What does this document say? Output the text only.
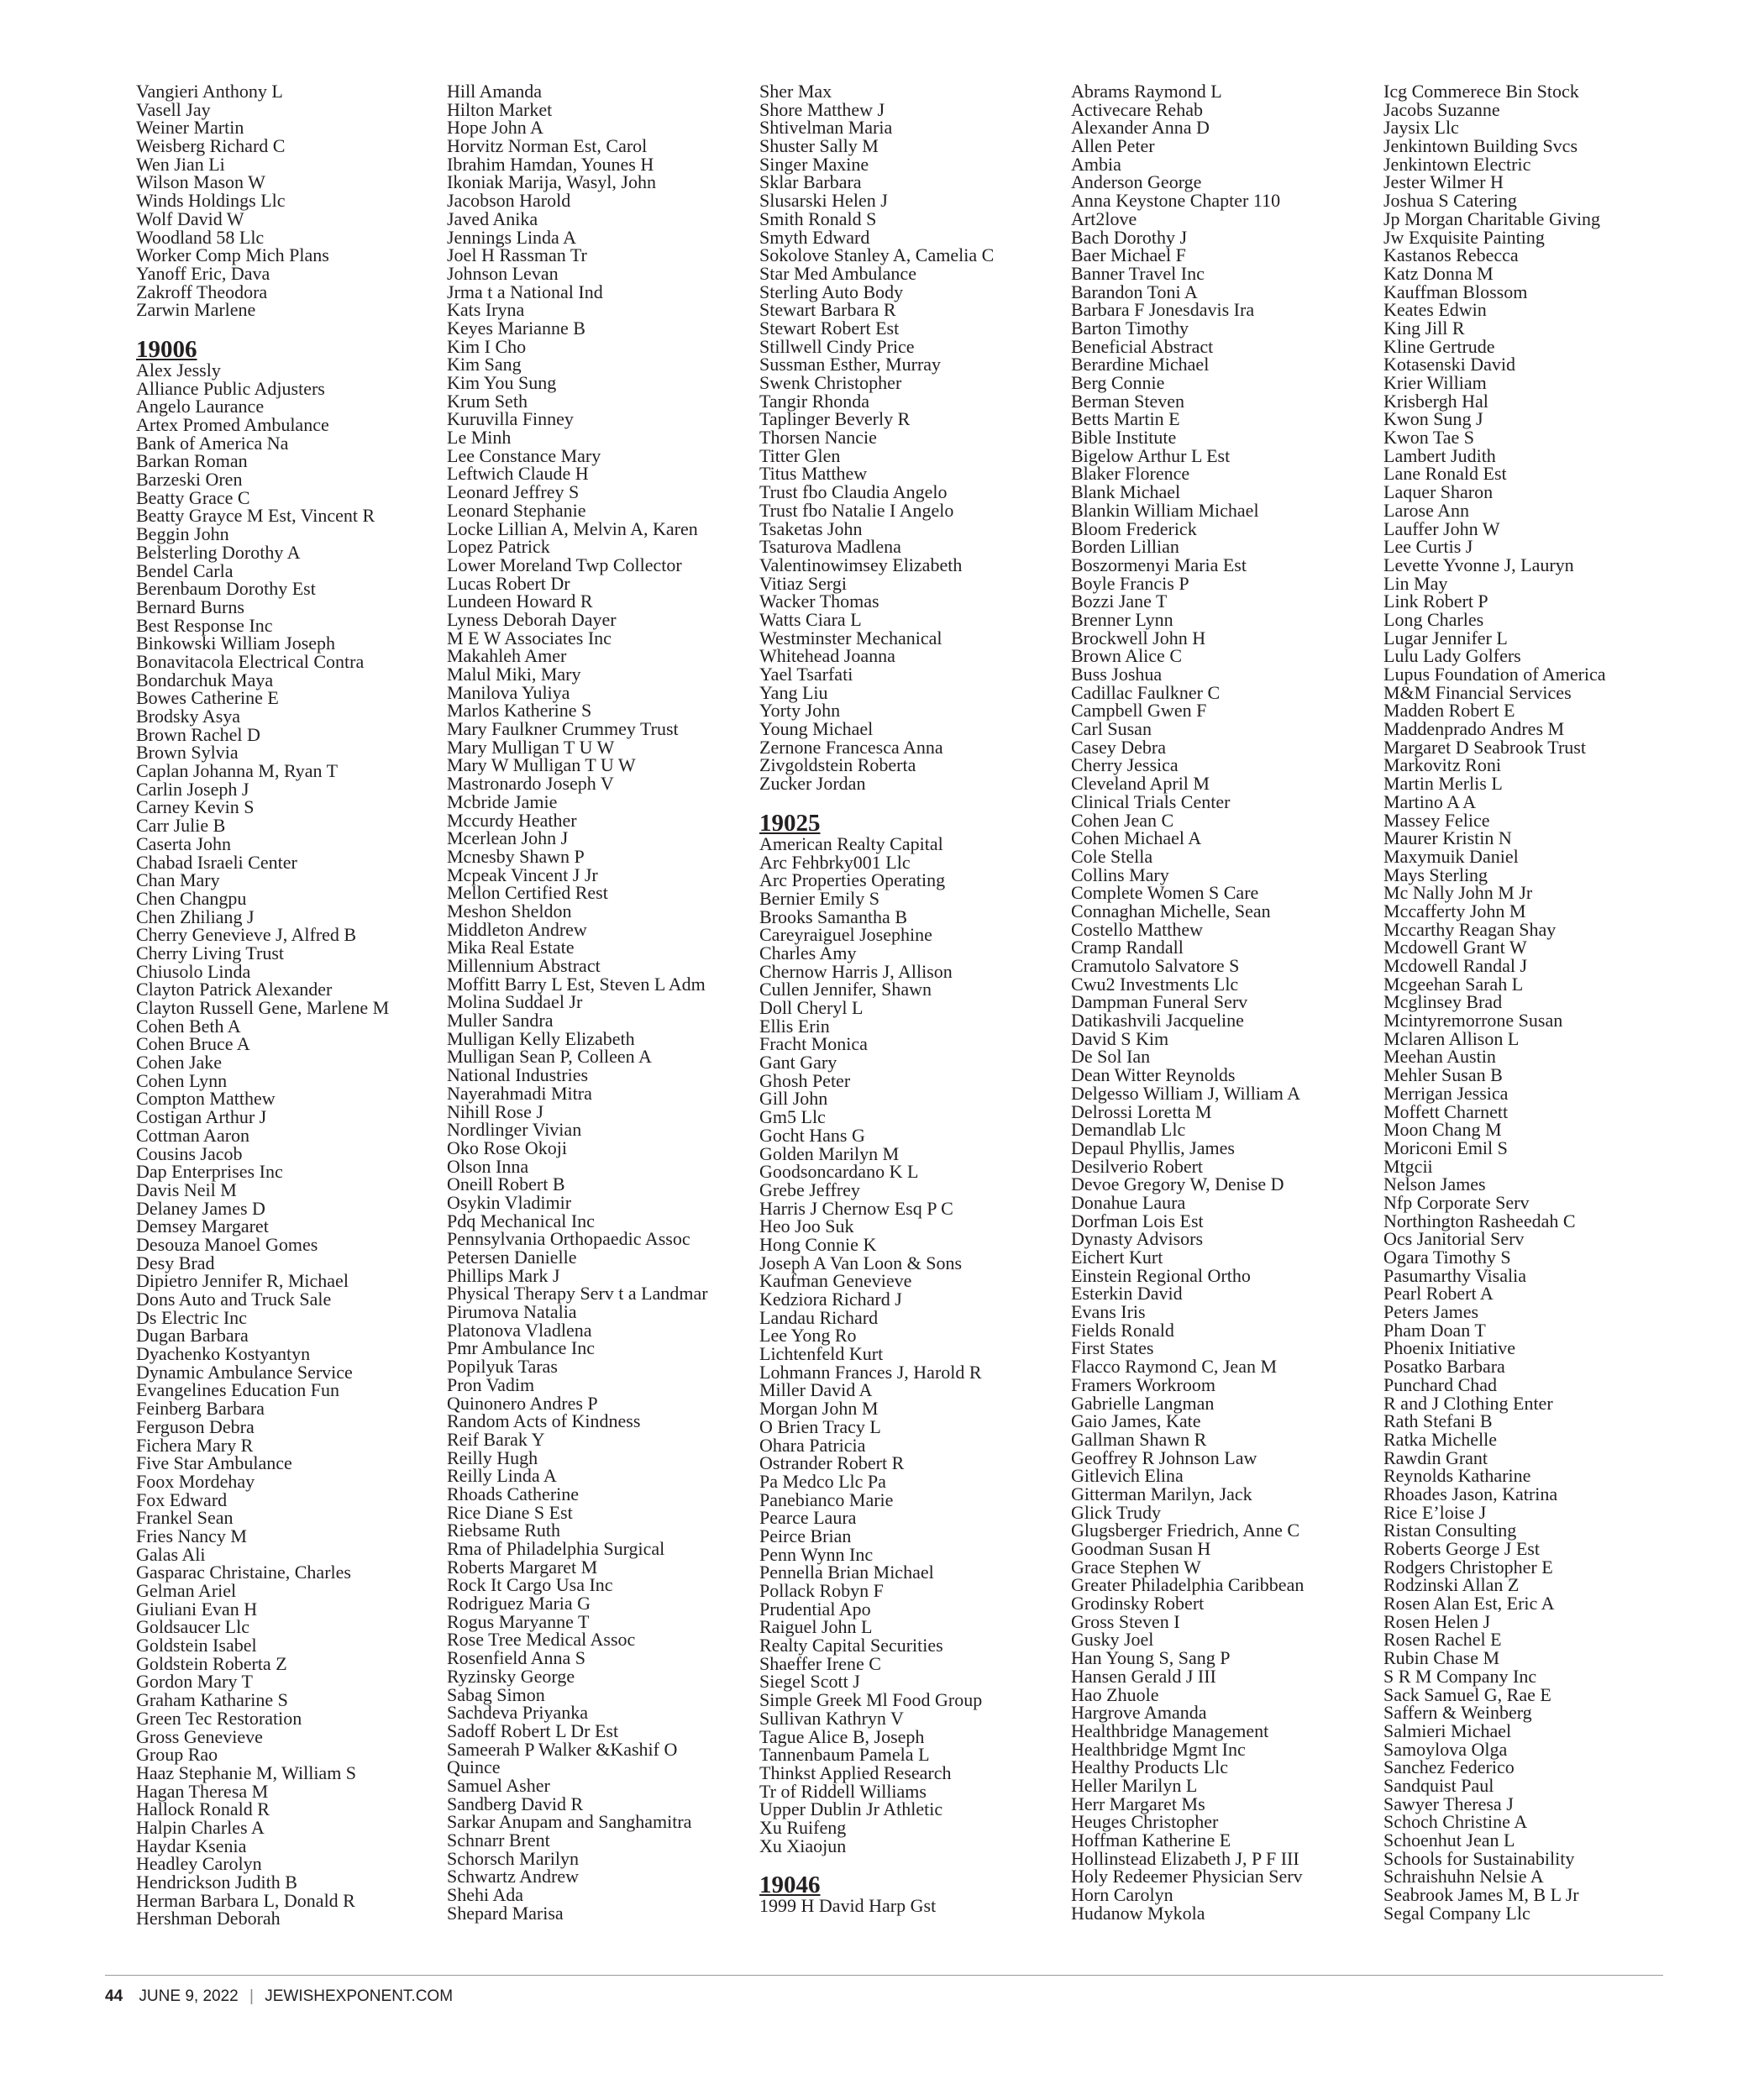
Vangieri Anthony L
Vasell Jay
Weiner Martin
Weisberg Richard C
Wen Jian Li
Wilson Mason W
Winds Holdings Llc
Wolf David W
Woodland 58 Llc
Worker Comp Mich Plans
Yanoff Eric, Dava
Zakroff Theodora
Zarwin Marlene
19006
Alex Jessly
Alliance Public Adjusters
Angelo Laurance
Artex Promed Ambulance
Bank of America Na
Barkan Roman
Barzeski Oren
Beatty Grace C
Beatty Grayce M Est, Vincent R
Beggin John
Belsterling Dorothy A
Bendel Carla
Berenbaum Dorothy Est
Bernard Burns
Best Response Inc
Binkowski William Joseph
Bonavitacola Electrical Contra
Bondarchuk Maya
Bowes Catherine E
Brodsky Asya
Brown Rachel D
Brown Sylvia
Caplan Johanna M, Ryan T
Carlin Joseph J
Carney Kevin S
Carr Julie B
Caserta John
Chabad Israeli Center
Chan Mary
Chen Changpu
Chen Zhiliang J
Cherry Genevieve J, Alfred B
Cherry Living Trust
Chiusolo Linda
Clayton Patrick Alexander
Clayton Russell Gene, Marlene M
Cohen Beth A
Cohen Bruce A
Cohen Jake
Cohen Lynn
Compton Matthew
Costigan Arthur J
Cottman Aaron
Cousins Jacob
Dap Enterprises Inc
Davis Neil M
Delaney James D
Demsey Margaret
Desouza Manoel Gomes
Desy Brad
Dipietro Jennifer R, Michael
Dons Auto and Truck Sale
Ds Electric Inc
Dugan Barbara
Dyachenko Kostyantyn
Dynamic Ambulance Service
Evangelines Education Fun
Feinberg Barbara
Ferguson Debra
Fichera Mary R
Five Star Ambulance
Foox Mordehay
Fox Edward
Frankel Sean
Fries Nancy M
Galas Ali
Gasparac Christaine, Charles
Gelman Ariel
Giuliani Evan H
Goldsaucer Llc
Goldstein Isabel
Goldstein Roberta Z
Gordon Mary T
Graham Katharine S
Green Tec Restoration
Gross Genevieve
Group Rao
Haaz Stephanie M, William S
Hagan Theresa M
Hallock Ronald R
Halpin Charles A
Haydar Ksenia
Headley Carolyn
Hendrickson Judith B
Herman Barbara L, Donald R
Hershman Deborah
Hill Amanda
Hilton Market
Hope John A
Horvitz Norman Est, Carol
Ibrahim Hamdan, Younes H
Ikoniak Marija, Wasyl, John
Jacobson Harold
Javed Anika
Jennings Linda A
Joel H Rassman Tr
Johnson Levan
Jrma t a National Ind
Kats Iryna
Keyes Marianne B
Kim I Cho
Kim Sang
Kim You Sung
Krum Seth
Kuruvilla Finney
Le Minh
Lee Constance Mary
Leftwich Claude H
Leonard Jeffrey S
Leonard Stephanie
Locke Lillian A, Melvin A, Karen
Lopez Patrick
Lower Moreland Twp Collector
Lucas Robert Dr
Lundeen Howard R
Lyness Deborah Dayer
M E W Associates Inc
Makahleh Amer
Malul Miki, Mary
Manilova Yuliya
Marlos Katherine S
Mary Faulkner Crummey Trust
Mary Mulligan T U W
Mary W Mulligan T U W
Mastronardo Joseph V
Mcbride Jamie
Mccurdy Heather
Mcerlean John J
Mcnesby Shawn P
Mcpeak Vincent J Jr
Mellon Certified Rest
Meshon Sheldon
Middleton Andrew
Mika Real Estate
Millennium Abstract
Moffitt Barry L Est, Steven L Adm
Molina Suddael Jr
Muller Sandra
Mulligan Kelly Elizabeth
Mulligan Sean P, Colleen A
National Industries
Nayerahmadi Mitra
Nihill Rose J
Nordlinger Vivian
Oko Rose Okoji
Olson Inna
Oneill Robert B
Osykin Vladimir
Pdq Mechanical Inc
Pennsylvania Orthopaedic Assoc
Petersen Danielle
Phillips Mark J
Physical Therapy Serv t a Landmar
Pirumova Natalia
Platonova Vladlena
Pmr Ambulance Inc
Popilyuk Taras
Pron Vadim
Quinonero Andres P
Random Acts of Kindness
Reif Barak Y
Reilly Hugh
Reilly Linda A
Rhoads Catherine
Rice Diane S Est
Riebsame Ruth
Rma of Philadelphia Surgical
Roberts Margaret M
Rock It Cargo Usa Inc
Rodriguez Maria G
Rogus Maryanne T
Rose Tree Medical Assoc
Rosenfield Anna S
Ryzinsky George
Sabag Simon
Sachdeva Priyanka
Sadoff Robert L Dr Est
Sameerah P Walker &Kashif O
Quince
Samuel Asher
Sandberg David R
Sarkar Anupam and Sanghamitra
Schnarr Brent
Schorsch Marilyn
Schwartz Andrew
Shehi Ada
Shepard Marisa
Sher Max
Shore Matthew J
Shtivelman Maria
Shuster Sally M
Singer Maxine
Sklar Barbara
Slusarski Helen J
Smith Ronald S
Smyth Edward
Sokolove Stanley A, Camelia C
Star Med Ambulance
Sterling Auto Body
Stewart Barbara R
Stewart Robert Est
Stillwell Cindy Price
Sussman Esther, Murray
Swenk Christopher
Tangir Rhonda
Taplinger Beverly R
Thorsen Nancie
Titter Glen
Titus Matthew
Trust fbo Claudia Angelo
Trust fbo Natalie I Angelo
Tsaketas John
Tsaturova Madlena
Valentinowimsey Elizabeth
Vitiaz Sergi
Wacker Thomas
Watts Ciara L
Westminster Mechanical
Whitehead Joanna
Yael Tsarfati
Yang Liu
Yorty John
Young Michael
Zernone Francesca Anna
Zivgoldstein Roberta
Zucker Jordan
19025
American Realty Capital
Arc Fehbrky001 Llc
Arc Properties Operating
Bernier Emily S
Brooks Samantha B
Careyraiguel Josephine
Charles Amy
Chernow Harris J, Allison
Cullen Jennifer, Shawn
Doll Cheryl L
Ellis Erin
Fracht Monica
Gant Gary
Ghosh Peter
Gill John
Gm5 Llc
Gocht Hans G
Golden Marilyn M
Goodsoncardano K L
Grebe Jeffrey
Harris J Chernow Esq P C
Heo Joo Suk
Hong Connie K
Joseph A Van Loon & Sons
Kaufman Genevieve
Kedziora Richard J
Landau Richard
Lee Yong Ro
Lichtenfeld Kurt
Lohmann Frances J, Harold R
Miller David A
Morgan John M
O Brien Tracy L
Ohara Patricia
Ostrander Robert R
Pa Medco Llc Pa
Panebianco Marie
Pearce Laura
Peirce Brian
Penn Wynn Inc
Pennella Brian Michael
Pollack Robyn F
Prudential Apo
Raiguel John L
Realty Capital Securities
Shaeffer Irene C
Siegel Scott J
Simple Greek Ml Food Group
Sullivan Kathryn V
Tague Alice B, Joseph
Tannenbaum Pamela L
Thinkst Applied Research
Tr of Riddell Williams
Upper Dublin Jr Athletic
Xu Ruifeng
Xu Xiaojun
19046
1999 H David Harp Gst
Abrams Raymond L
Activecare Rehab
Alexander Anna D
Allen Peter
Ambia
Anderson George
Anna Keystone Chapter 110
Art2love
Bach Dorothy J
Baer Michael F
Banner Travel Inc
Barandon Toni A
Barbara F Jonesdavis Ira
Barton Timothy
Beneficial Abstract
Berardine Michael
Berg Connie
Berman Steven
Betts Martin E
Bible Institute
Bigelow Arthur L Est
Blaker Florence
Blank Michael
Blankin William Michael
Bloom Frederick
Borden Lillian
Boszormenyi Maria Est
Boyle Francis P
Bozzi Jane T
Brenner Lynn
Brockwell John H
Brown Alice C
Buss Joshua
Cadillac Faulkner C
Campbell Gwen F
Carl Susan
Casey Debra
Cherry Jessica
Cleveland April M
Clinical Trials Center
Cohen Jean C
Cohen Michael A
Cole Stella
Collins Mary
Complete Women S Care
Connaghan Michelle, Sean
Costello Matthew
Cramp Randall
Cramutolo Salvatore S
Cwu2 Investments Llc
Dampman Funeral Serv
Datikashvili Jacqueline
David S Kim
De Sol Ian
Dean Witter Reynolds
Delgesso William J, William A
Delrossi Loretta M
Demandlab Llc
Depaul Phyllis, James
Desilverio Robert
Devoe Gregory W, Denise D
Donahue Laura
Dorfman Lois Est
Dynasty Advisors
Eichert Kurt
Einstein Regional Ortho
Esterkin David
Evans Iris
Fields Ronald
First States
Flacco Raymond C, Jean M
Framers Workroom
Gabrielle Langman
Gaio James, Kate
Gallman Shawn R
Geoffrey R Johnson Law
Gitlevich Elina
Gitterman Marilyn, Jack
Glick Trudy
Glugsberger Friedrich, Anne C
Goodman Susan H
Grace Stephen W
Greater Philadelphia Caribbean
Grodinsky Robert
Gross Steven I
Gusky Joel
Han Young S, Sang P
Hansen Gerald J III
Hao Zhuole
Hargrove Amanda
Healthbridge Management
Healthbridge Mgmt Inc
Healthy Products Llc
Heller Marilyn L
Herr Margaret Ms
Heuges Christopher
Hoffman Katherine E
Hollinstead Elizabeth J, P F III
Holy Redeemer Physician Serv
Horn Carolyn
Hudanow Mykola
Icg Commerece Bin Stock
Jacobs Suzanne
Jaysix Llc
Jenkintown Building Svcs
Jenkintown Electric
Jester Wilmer H
Joshua S Catering
Jp Morgan Charitable Giving
Jw Exquisite Painting
Kastanos Rebecca
Katz Donna M
Kauffman Blossom
Keates Edwin
King Jill R
Kline Gertrude
Kotasenski David
Krier William
Krisbergh Hal
Kwon Sung J
Kwon Tae S
Lambert Judith
Lane Ronald Est
Laquer Sharon
Larose Ann
Lauffer John W
Lee Curtis J
Levette Yvonne J, Lauryn
Lin May
Link Robert P
Long Charles
Lugar Jennifer L
Lulu Lady Golfers
Lupus Foundation of America
M&M Financial Services
Madden Robert E
Maddenprado Andres M
Margaret D Seabrook Trust
Markovitz Roni
Martin Merlis L
Martino A A
Massey Felice
Maurer Kristin N
Maxymuik Daniel
Mays Sterling
Mc Nally John M Jr
Mccafferty John M
Mccarthy Reagan Shay
Mcdowell Grant W
Mcdowell Randal J
Mcgeehan Sarah L
Mcglinsey Brad
Mcintyremorrone Susan
Mclaren Allison L
Meehan Austin
Mehler Susan B
Merrigan Jessica
Moffett Charnett
Moon Chang M
Moriconi Emil S
Mtgcii
Nelson James
Nfp Corporate Serv
Northington Rasheedah C
Ocs Janitorial Serv
Ogara Timothy S
Pasumarthy Visalia
Pearl Robert A
Peters James
Pham Doan T
Phoenix Initiative
Posatko Barbara
Punchard Chad
R and J Clothing Enter
Rath Stefani B
Ratka Michelle
Rawdin Grant
Reynolds Katharine
Rhoades Jason, Katrina
Rice E’loise J
Ristan Consulting
Roberts George J Est
Rodgers Christopher E
Rodzinski Allan Z
Rosen Alan Est, Eric A
Rosen Helen J
Rosen Rachel E
Rubin Chase M
S R M Company Inc
Sack Samuel G, Rae E
Saffern & Weinberg
Salmieri Michael
Samoylova Olga
Sanchez Federico
Sandquist Paul
Sawyer Theresa J
Schoch Christine A
Schoenhut Jean L
Schools for Sustainability
Schraishuhn Nelsie A
Seabrook James M, B L Jr
Segal Company Llc
44 JUNE 9, 2022 | JEWISHEXPONENT.COM
